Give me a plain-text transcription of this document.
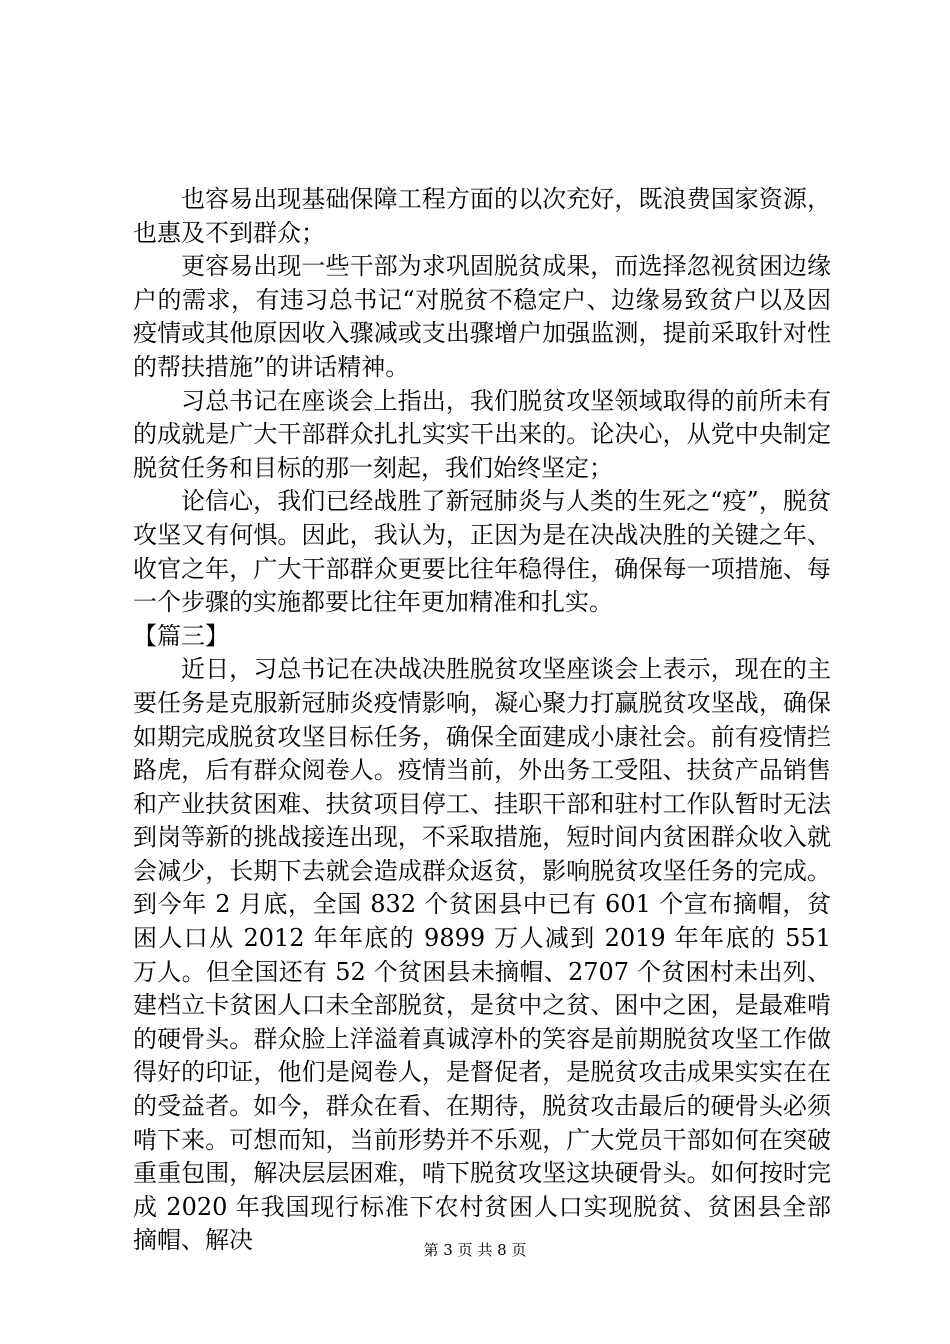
也容易出现基础保障工程方面的以次充好，既浪费国家资源，也惠及不到群众；

更容易出现一些干部为求巩固脱贫成果，而选择忽视贫困边缘户的需求，有违习总书记“对脱贫不稳定户、边缘易致贫户以及因疫情或其他原因收入骤减或支出骤增户加强监测，提前采取针对性的帮扶措施”的讲话精神。

习总书记在座谈会上指出，我们脱贫攻坚领域取得的前所未有的成就是广大干部群众扎扎实实干出来的。论决心，从党中央制定脱贫任务和目标的那一刻起，我们始终坚定；

论信心，我们已经战胜了新冠肺炎与人类的生死之“疫”，脱贫攻坚又有何惧。因此，我认为，正因为是在决战决胜的关键之年、收官之年，广大干部群众更要比往年稳得住，确保每一项措施、每一个步骤的实施都要比往年更加精准和扎实。

【篇三】

近日，习总书记在决战决胜脱贫攻坚座谈会上表示，现在的主要任务是克服新冠肺炎疫情影响，凝心聚力打赢脱贫攻坚战，确保如期完成脱贫攻坚目标任务，确保全面建成小康社会。前有疫情拦路虎，后有群众阅卷人。疫情当前，外出务工受阻、扶贫产品销售和产业扶贫困难、扶贫项目停工、挂职干部和驻村工作队暂时无法到岗等新的挑战接连出现，不采取措施，短时间内贫困群众收入就会减少，长期下去就会造成群众返贫，影响脱贫攻坚任务的完成。到今年 2 月底，全国 832 个贫困县中已有 601 个宣布摘帽，贫困人口从 2012 年年底的 9899 万人减到 2019 年年底的 551 万人。但全国还有 52 个贫困县未摘帽、2707 个贫困村未出列、建档立卡贫困人口未全部脱贫，是贫中之贫、困中之困，是最难啃的硬骨头。群众脸上洋溢着真诚淳朴的笑容是前期脱贫攻坚工作做得好的印证，他们是阅卷人，是督促者，是脱贫攻击成果实实在在的受益者。如今，群众在看、在期待，脱贫攻击最后的硬骨头必须啃下来。可想而知，当前形势并不乐观，广大党员干部如何在突破重重包围，解决层层困难，啃下脱贫攻坚这块硬骨头。如何按时完成 2020 年我国现行标准下农村贫困人口实现脱贫、贫困县全部摘帽、解决	第 3 页 共 8 页
